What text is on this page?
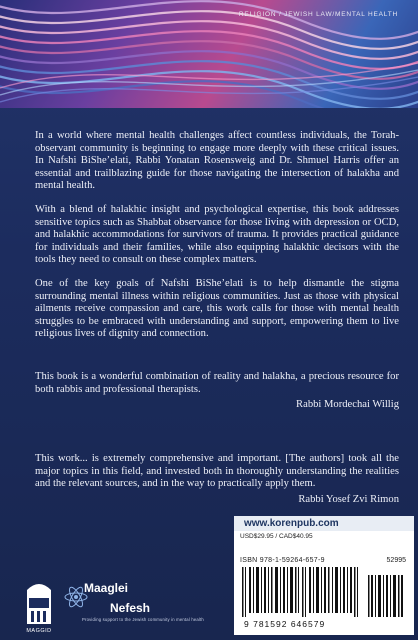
RELIGION / JEWISH LAW/MENTAL HEALTH

In a world where mental health challenges affect countless individuals, the Torah-observant community is beginning to engage more deeply with these critical issues. In Nafshi BiShe’elati, Rabbi Yonatan Rosensweig and Dr. Shmuel Harris offer an essential and trailblazing guide for those navigating the intersection of halakha and mental health.

With a blend of halakhic insight and psychological expertise, this book addresses sensitive topics such as Shabbat observance for those living with depression or OCD, and halakhic accommodations for survivors of trauma. It provides practical guidance for individuals and their families, while also equipping halakhic decisors with the tools they need to consult on these complex matters.

One of the key goals of Nafshi BiShe’elati is to help dismantle the stigma surrounding mental illness within religious communities. Just as those with physical ailments receive compassion and care, this work calls for those with mental health struggles to be embraced with understanding and support, empowering them to live religious lives of dignity and connection.

This book is a wonderful combination of reality and halakha, a precious resource for both rabbis and professional therapists.

Rabbi Mordechai Willig

This work... is extremely comprehensive and important. [The authors] took all the major topics in this field, and invested both in thoroughly understanding the realities and the relevant sources, and in the way to practically apply them.

Rabbi Yosef Zvi Rimon
www.korenpub.com
USD$29.95 / CAD$40.95
ISBN 978-1-59264-657-9	52995
9 781592 646579
MAGGID
Maaglei
Nefesh
Providing support to the Jewish community in mental health
